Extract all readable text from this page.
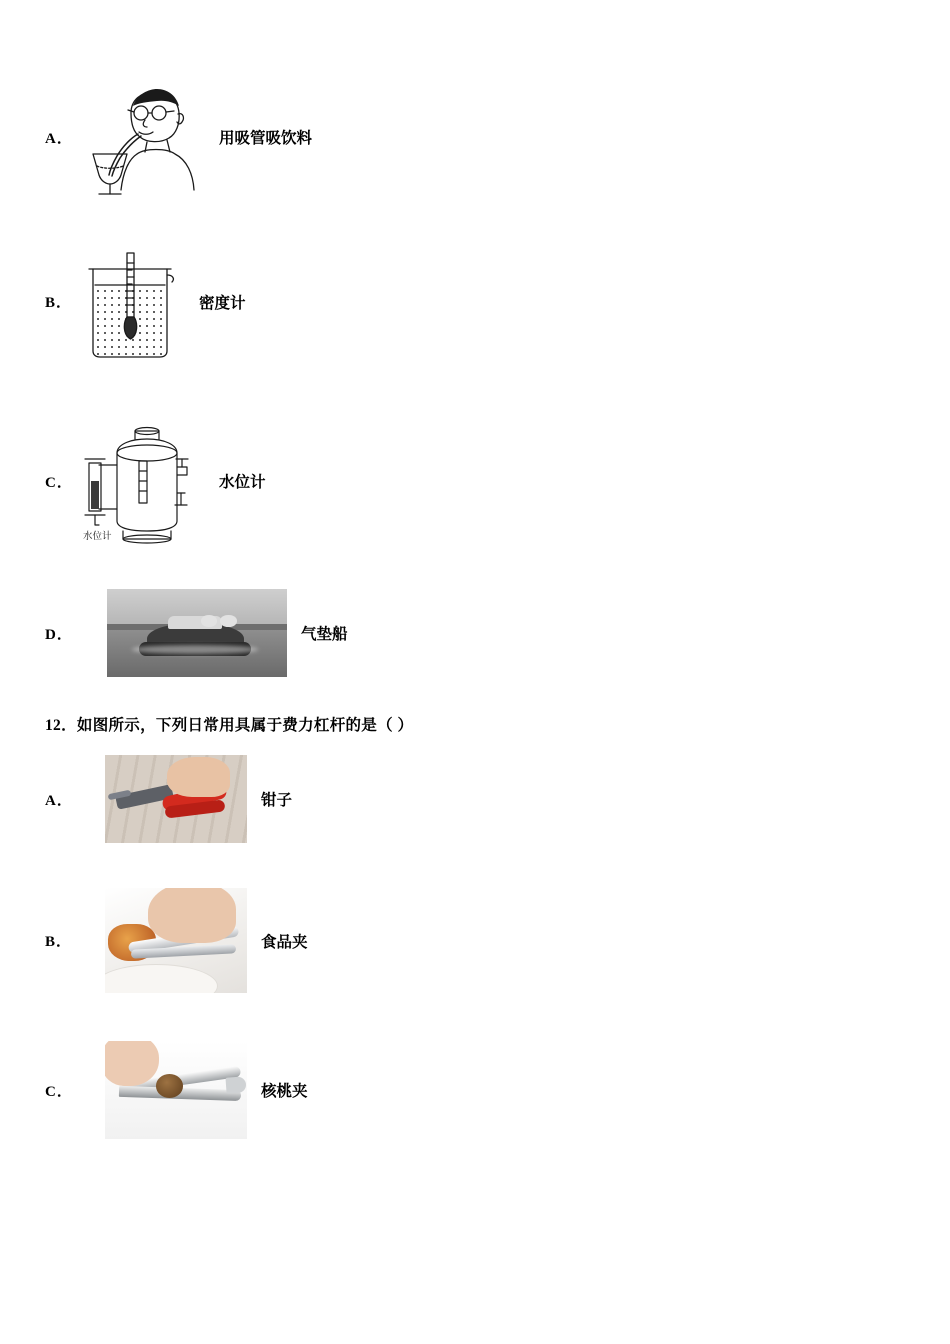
A．	用吸管吸饮料
B．	密度计
C．
水位计
水位计
D．	气垫船
12．如图所示，下列日常用具属于费力杠杆的是（ ）
A．	钳子
B．	食品夹
C．	核桃夹
